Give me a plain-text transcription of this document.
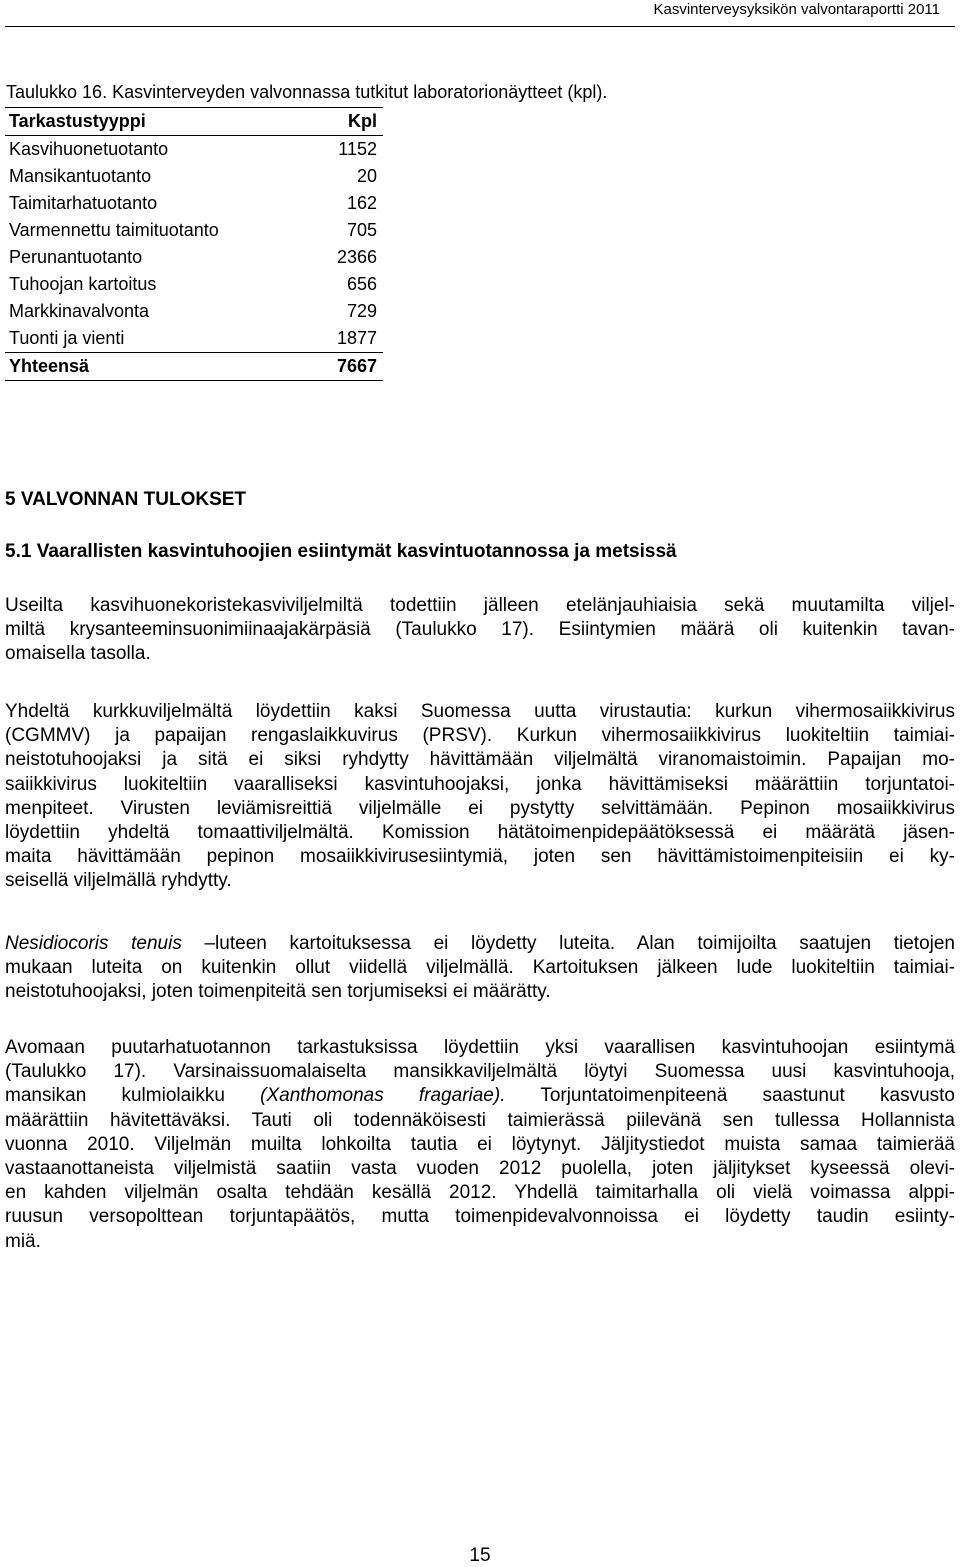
Kasvinterveysyksikön valvontaraportti 2011
Taulukko 16. Kasvinterveyden valvonnassa tutkitut laboratorionäytteet (kpl).
Tarkastustyyppi	Kpl
Kasvihuonetuotanto	1152
Mansikantuotanto	20
Taimitarhatuotanto	162
Varmennettu taimituotanto	705
Perunantuotanto	2366
Tuhoojan kartoitus	656
Markkinavalvonta	729
Tuonti ja vienti	1877
Yhteensä	7667
5 VALVONNAN TULOKSET
5.1 Vaarallisten kasvintuhoojien esiintymät kasvintuotannossa ja metsissä
Useilta kasvihuonekoristekasviviljelmiltä todettiin jälleen etelänjauhiaisia sekä muutamilta viljel-
miltä krysanteeminsuonimiinaajakärpäsiä (Taulukko 17). Esiintymien määrä oli kuitenkin tavan-
omaisella tasolla.
Yhdeltä kurkkuviljelmältä löydettiin kaksi Suomessa uutta virustautia: kurkun vihermosaiikkivirus
(CGMMV) ja papaijan rengaslaikkuvirus (PRSV). Kurkun vihermosaiikkivirus luokiteltiin taimiai-
neistotuhoojaksi ja sitä ei siksi ryhdytty hävittämään viljelmältä viranomaistoimin. Papaijan mo-
saiikkivirus luokiteltiin vaaralliseksi kasvintuhoojaksi, jonka hävittämiseksi määrättiin torjuntatoi-
menpiteet. Virusten leviämisreittiä viljelmälle ei pystytty selvittämään. Pepinon mosaiikkivirus
löydettiin yhdeltä tomaattiviljelmältä. Komission hätätoimenpidepäätöksessä ei määrätä jäsen-
maita hävittämään pepinon mosaiikkivirusesiintymiä, joten sen hävittämistoimenpiteisiin ei ky-
seisellä viljelmällä ryhdytty.
Nesidiocoris tenuis –luteen kartoituksessa ei löydetty luteita. Alan toimijoilta saatujen tietojen
mukaan luteita on kuitenkin ollut viidellä viljelmällä. Kartoituksen jälkeen lude luokiteltiin taimiai-
neistotuhoojaksi, joten toimenpiteitä sen torjumiseksi ei määrätty.
Avomaan puutarhatuotannon tarkastuksissa löydettiin yksi vaarallisen kasvintuhoojan esiintymä
(Taulukko 17). Varsinaissuomalaiselta mansikkaviljelmältä löytyi Suomessa uusi kasvintuhooja,
mansikan kulmiolaikku (Xanthomonas fragariae). Torjuntatoimenpiteenä saastunut kasvusto
määrättiin hävitettäväksi. Tauti oli todennäköisesti taimierässä piilevänä sen tullessa Hollannista
vuonna 2010. Viljelmän muilta lohkoilta tautia ei löytynyt. Jäljitystiedot muista samaa taimierää
vastaanottaneista viljelmistä saatiin vasta vuoden 2012 puolella, joten jäljitykset kyseessä olevi-
en kahden viljelmän osalta tehdään kesällä 2012. Yhdellä taimitarhalla oli vielä voimassa alppi-
ruusun versopolttean torjuntapäätös, mutta toimenpidevalvonnoissa ei löydetty taudin esiinty-
miä.
15
